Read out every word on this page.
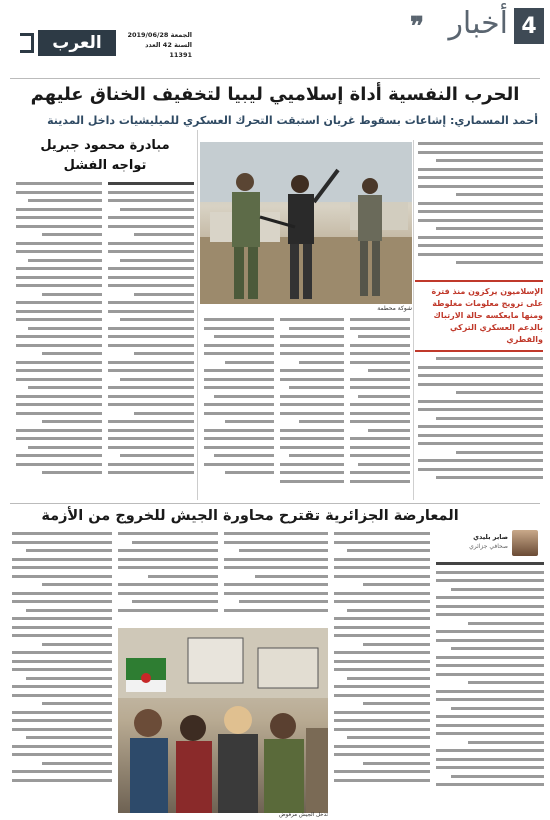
4
أخبار
❞
العرب	الجمعة 2019/06/28
السنة 42 العدد 11391
الحرب النفسية أداة إسلاميي ليبيا لتخفيف الخناق عليهم
أحمد المسماري: إشاعات بسقوط غريان استبقت التحرك العسكري للميليشيات داخل المدينة
مبادرة محمود جبريل
تواجه الفشل
شوكة محطمة
الإسلاميون يركزون منذ فترة على ترويج معلومات مغلوطة ومنها مايعكسه حالة الارتباك بالدعم العسكري التركي والقطري
المعارضة الجزائرية تقترح محاورة الجيش للخروج من الأزمة
صابر بليدي
صحافي جزائري
تدخل الجيش مرفوض
